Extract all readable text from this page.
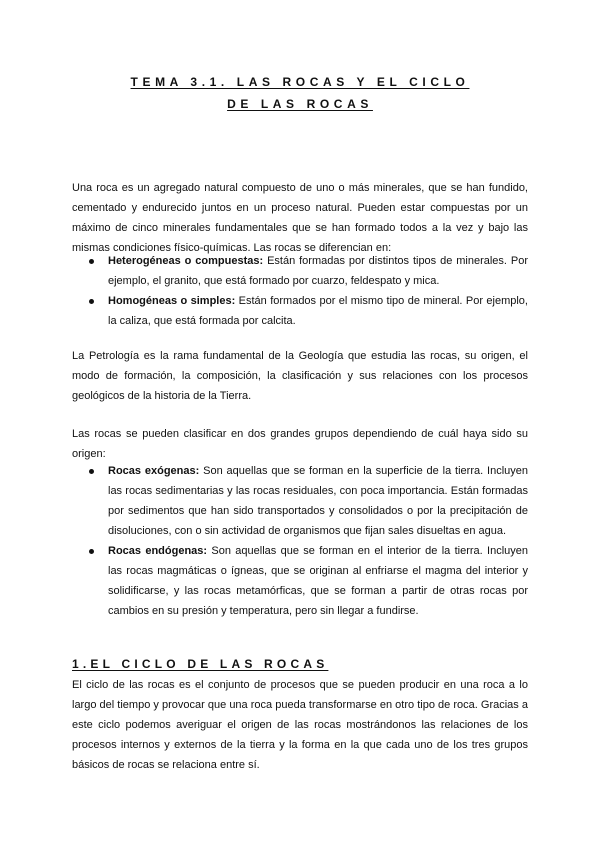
TEMA 3.1. LAS ROCAS Y EL CICLO
DE LAS ROCAS

Una roca es un agregado natural compuesto de uno o más minerales, que se han fundido, cementado y endurecido juntos en un proceso natural. Pueden estar compuestas por un máximo de cinco minerales fundamentales que se han formado todos a la vez y bajo las mismas condiciones físico-químicas. Las rocas se diferencian en:

Heterogéneas o compuestas: Están formadas por distintos tipos de minerales. Por ejemplo, el granito, que está formado por cuarzo, feldespato y mica.
Homogéneas o simples: Están formados por el mismo tipo de mineral. Por ejemplo, la caliza, que está formada por calcita.

La Petrología es la rama fundamental de la Geología que estudia las rocas, su origen, el modo de formación, la composición, la clasificación y sus relaciones con los procesos geológicos de la historia de la Tierra.

Las rocas se pueden clasificar en dos grandes grupos dependiendo de cuál haya sido su origen:

Rocas exógenas: Son aquellas que se forman en la superficie de la tierra. Incluyen las rocas sedimentarias y las rocas residuales, con poca importancia. Están formadas por sedimentos que han sido transportados y consolidados o por la precipitación de disoluciones, con o sin actividad de organismos que fijan sales disueltas en agua.
Rocas endógenas: Son aquellas que se forman en el interior de la tierra. Incluyen las rocas magmáticas o ígneas, que se originan al enfriarse el magma del interior y solidificarse, y las rocas metamórficas, que se forman a partir de otras rocas por cambios en su presión y temperatura, pero sin llegar a fundirse.
1.EL CICLO DE LAS ROCAS

El ciclo de las rocas es el conjunto de procesos que se pueden producir en una roca a lo largo del tiempo y provocar que una roca pueda transformarse en otro tipo de roca. Gracias a este ciclo podemos averiguar el origen de las rocas mostrándonos las relaciones de los procesos internos y externos de la tierra y la forma en la que cada uno de los tres grupos básicos de rocas se relaciona entre sí.
